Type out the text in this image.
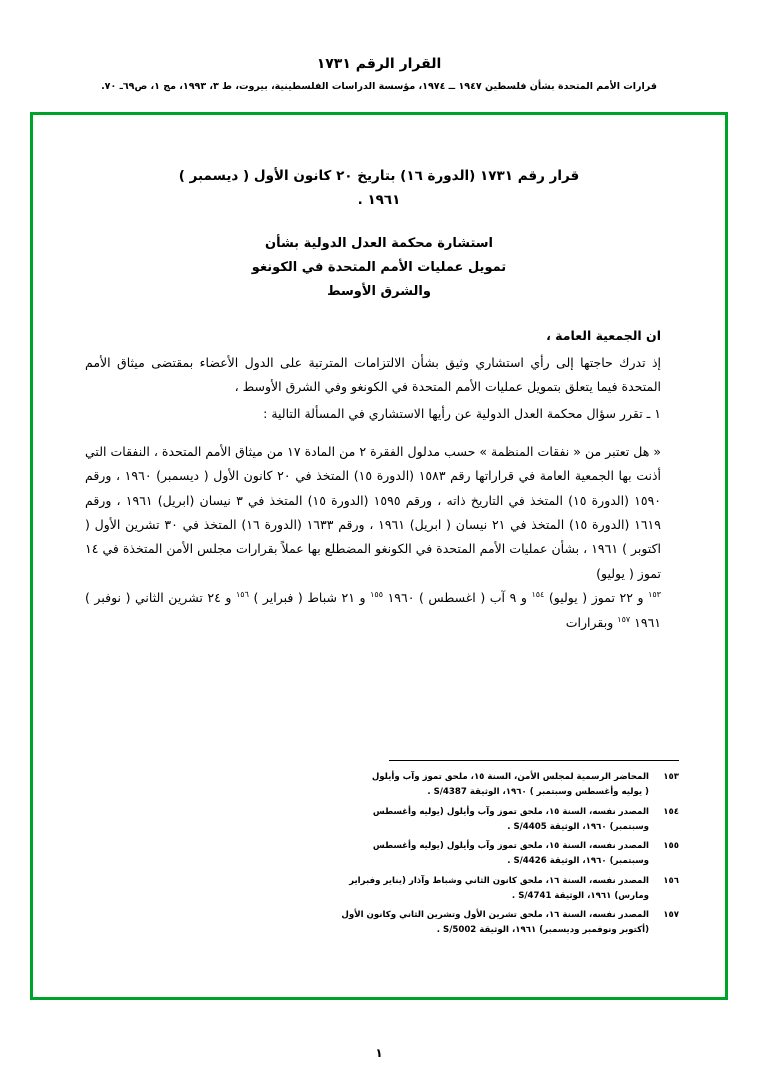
القرار الرقم ١٧٣١
قرارات الأمم المتحدة بشأن فلسطين ١٩٤٧ ــ ١٩٧٤، مؤسسة الدراسات الفلسطينية، بيروت، ط ٣، ١٩٩٣، مج ١، ص٦٩ـ ٧٠.
قرار رقم ١٧٣١ (الدورة ١٦) بتاريخ ٢٠ كانون الأول ( ديسمبر )
١٩٦١ .
استشارة محكمة العدل الدولية بشأن
تمويل عمليات الأمم المتحدة في الكونغو
والشرق الأوسط

ان الجمعية العامة ،

إذ تدرك حاجتها إلى رأي استشاري وثيق بشأن الالتزامات المترتبة على الدول الأعضاء بمقتضى ميثاق الأمم المتحدة فيما يتعلق بتمويل عمليات الأمم المتحدة في الكونغو وفي الشرق الأوسط ،

١ ـ تقرر سؤال محكمة العدل الدولية عن رأيها الاستشاري في المسألة التالية :

« هل تعتبر من « نفقات المنظمة » حسب مدلول الفقرة ٢ من المادة ١٧ من ميثاق الأمم المتحدة ، النفقات التي أذنت بها الجمعية العامة في قراراتها رقم ١٥٨٣ (الدورة ١٥) المتخذ في ٢٠ كانون الأول ( ديسمبر) ١٩٦٠ ، ورقم ١٥٩٠ (الدورة ١٥) المتخذ في التاريخ ذاته ، ورقم ١٥٩٥ (الدورة ١٥) المتخذ في ٣ نيسان (ابريل) ١٩٦١ ، ورقم ١٦١٩ (الدورة ١٥) المتخذ في ٢١ نيسان ( ابريل) ١٩٦١ ، ورقم ١٦٣٣ (الدورة ١٦) المتخذ في ٣٠ تشرين الأول ( اكتوبر ) ١٩٦١ ، بشأن عمليات الأمم المتحدة في الكونغو المضطلع بها عملاً بقرارات مجلس الأمن المتخذة في ١٤ تموز ( يوليو)

$^{١٥٣}$ و ٢٢ تموز ( يوليو) $^{١٥٤}$ و ٩ آب ( اغسطس ) ١٩٦٠ $^{١٥٥}$ و ٢١ شباط ( فبراير ) $^{١٥٦}$ و ٢٤ تشرين الثاني ( نوفبر ) ١٩٦١ $^{١٥٧}$ وبقرارات

١٥٣
المحاضر الرسمية لمجلس الأمن، السنة ١٥، ملحق تموز وآب وأيلول
( يوليه وأغسطس وسبتمبر ) ١٩٦٠، الوثيقة S/4387 .
١٥٤
المصدر نفسه، السنة ١٥، ملحق تموز وآب وأيلول (يوليه وأغسطس
وسبتمبر) ١٩٦٠، الوثيقة S/4405 .
١٥٥
المصدر نفسه، السنة ١٥، ملحق تموز وآب وأيلول (يوليه وأغسطس
وسبتمبر) ١٩٦٠، الوثيقة S/4426 .
١٥٦
المصدر نفسه، السنة ١٦، ملحق كانون الثاني وشباط وآذار (يناير وفبراير
ومارس) ١٩٦١، الوثيقة S/4741 .
١٥٧
المصدر نفسه، السنة ١٦، ملحق تشرين الأول وتشرين الثاني وكانون الأول
(أكتوبر ونوفمبر وديسمبر) ١٩٦١، الوثيقة S/5002 .
١
